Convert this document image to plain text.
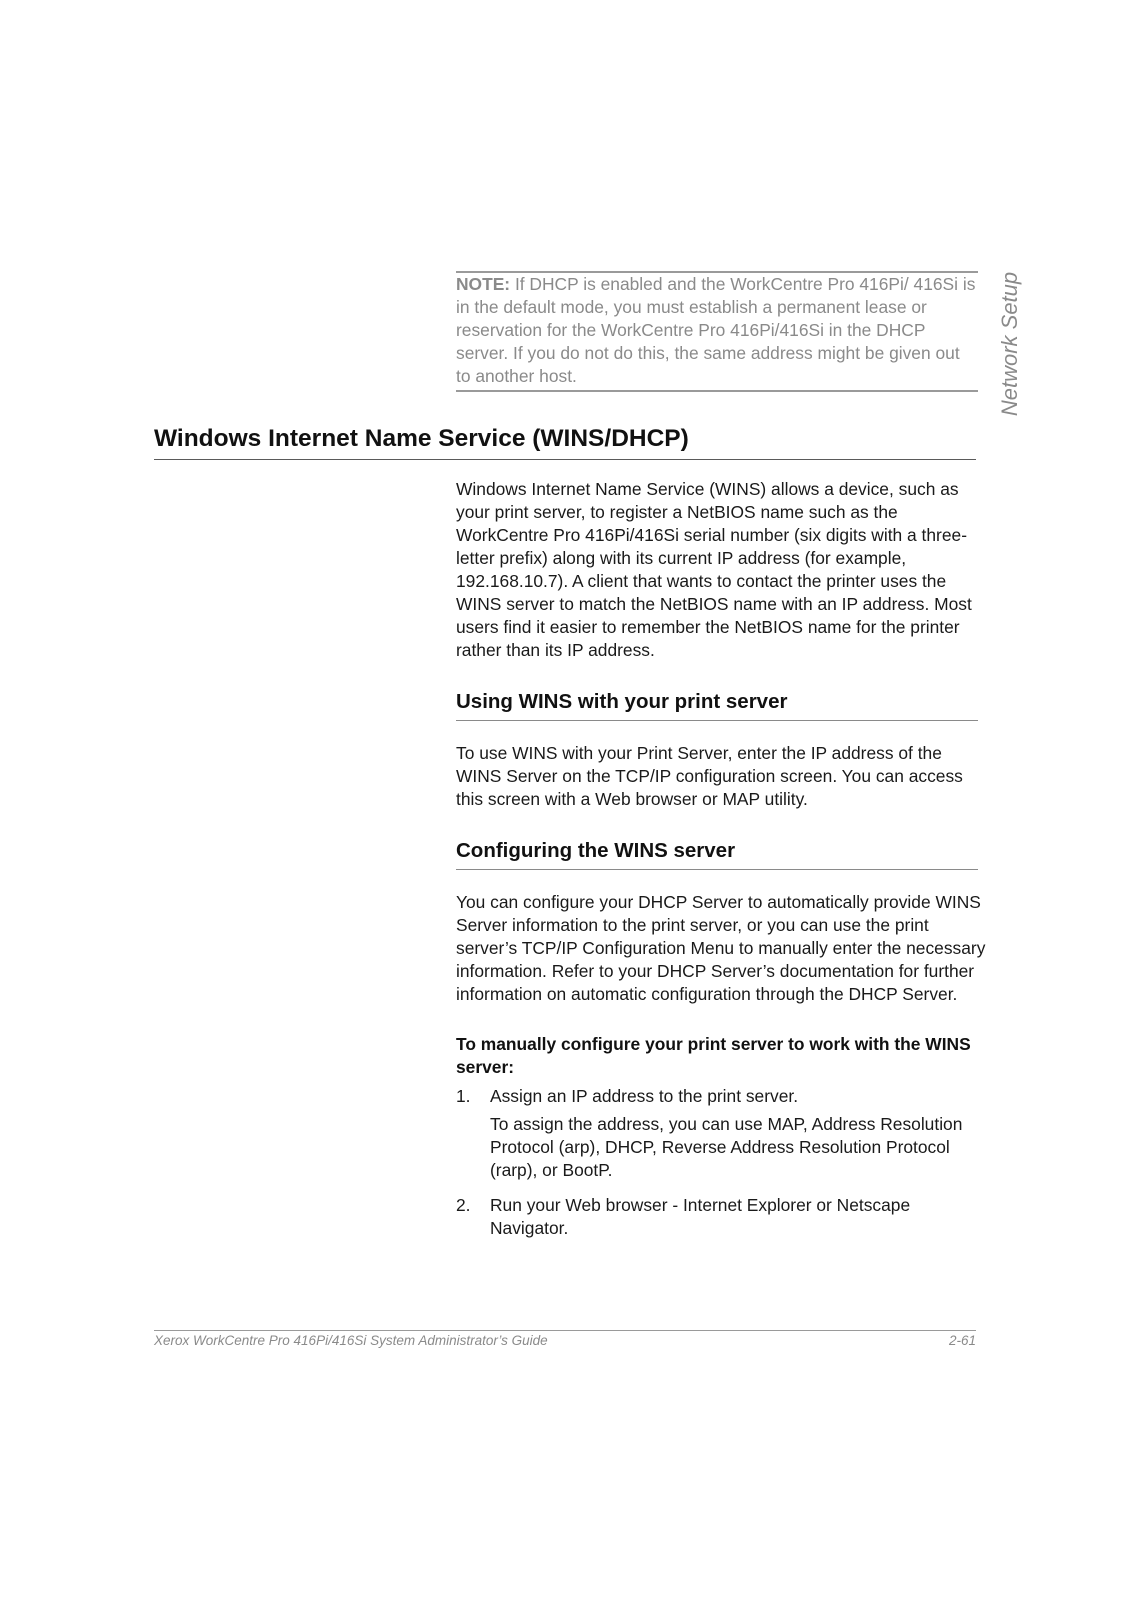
NOTE: If DHCP is enabled and the WorkCentre Pro 416Pi/ 416Si is in the default mode, you must establish a permanent lease or reservation for the WorkCentre Pro 416Pi/416Si in the DHCP server. If you do not do this, the same address might be given out to another host.	Network Setup
Windows Internet Name Service (WINS/DHCP)

Windows Internet Name Service (WINS) allows a device, such as your print server, to register a NetBIOS name such as the WorkCentre Pro 416Pi/416Si serial number (six digits with a three-letter prefix) along with its current IP address (for example, 192.168.10.7). A client that wants to contact the printer uses the WINS server to match the NetBIOS name with an IP address. Most users find it easier to remember the NetBIOS name for the printer rather than its IP address.

Using WINS with your print server

To use WINS with your Print Server, enter the IP address of the WINS Server on the TCP/IP configuration screen. You can access this screen with a Web browser or MAP utility.

Configuring the WINS server

You can configure your DHCP Server to automatically provide WINS Server information to the print server, or you can use the print server’s TCP/IP Configuration Menu to manually enter the necessary information. Refer to your DHCP Server’s documentation for further information on automatic configuration through the DHCP Server.

To manually configure your print server to work with the WINS server:
1. Assign an IP address to the print server.
To assign the address, you can use MAP, Address Resolution Protocol (arp), DHCP, Reverse Address Resolution Protocol (rarp), or BootP.
2. Run your Web browser - Internet Explorer or Netscape Navigator.
Xerox WorkCentre Pro 416Pi/416Si System Administrator’s Guide	2-61
